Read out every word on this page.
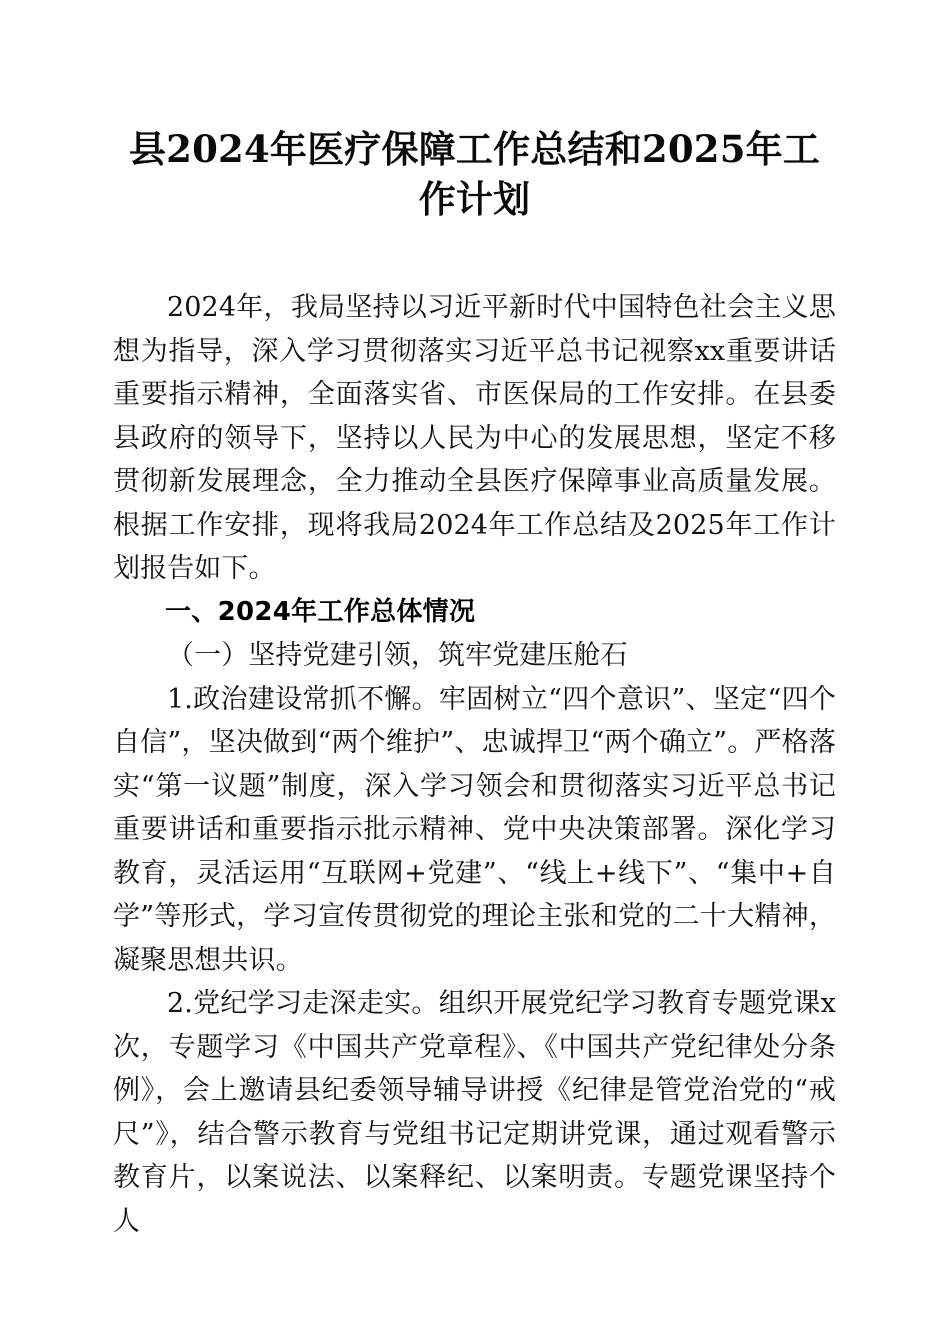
县2024年医疗保障工作总结和2025年工作计划

2024年，我局坚持以习近平新时代中国特色社会主义思想为指导，深入学习贯彻落实习近平总书记视察xx重要讲话重要指示精神，全面落实省、市医保局的工作安排。在县委县政府的领导下，坚持以人民为中心的发展思想，坚定不移贯彻新发展理念，全力推动全县医疗保障事业高质量发展。根据工作安排，现将我局2024年工作总结及2025年工作计划报告如下。

一、2024年工作总体情况

（一）坚持党建引领，筑牢党建压舱石

1.政治建设常抓不懈。牢固树立“四个意识”、坚定“四个自信”，坚决做到“两个维护”、忠诚捍卫“两个确立”。严格落实“第一议题”制度，深入学习领会和贯彻落实习近平总书记重要讲话和重要指示批示精神、党中央决策部署。深化学习教育，灵活运用“互联网+党建”、“线上+线下”、“集中+自学”等形式，学习宣传贯彻党的理论主张和党的二十大精神，凝聚思想共识。

2.党纪学习走深走实。组织开展党纪学习教育专题党课x次，专题学习《中国共产党章程》、《中国共产党纪律处分条例》，会上邀请县纪委领导辅导讲授《纪律是管党治党的“戒尺”》，结合警示教育与党组书记定期讲党课，通过观看警示教育片，以案说法、以案释纪、以案明责。专题党课坚持个人
